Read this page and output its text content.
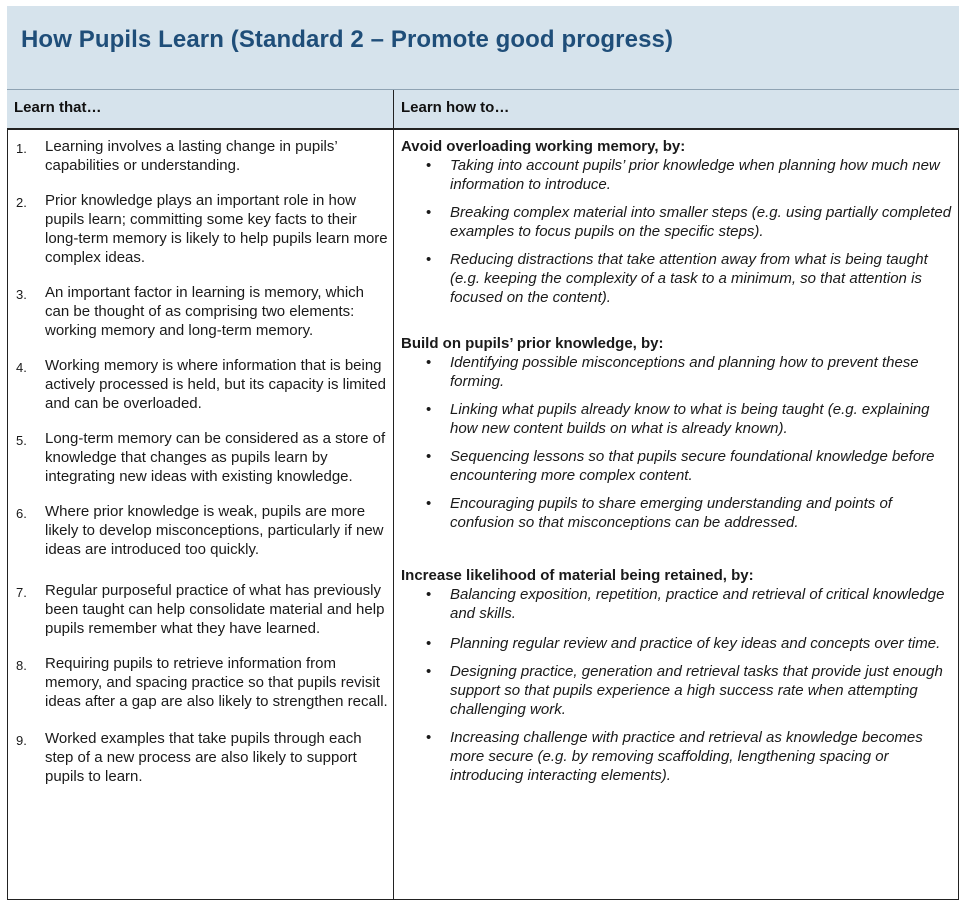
How Pupils Learn (Standard 2 – Promote good progress)
Learn that…	Learn how to…
1. Learning involves a lasting change in pupils’ capabilities or understanding.
2. Prior knowledge plays an important role in how pupils learn; committing some key facts to their long-term memory is likely to help pupils learn more complex ideas.
3. An important factor in learning is memory, which can be thought of as comprising two elements: working memory and long-term memory.
4. Working memory is where information that is being actively processed is held, but its capacity is limited and can be overloaded.
5. Long-term memory can be considered as a store of knowledge that changes as pupils learn by integrating new ideas with existing knowledge.
6. Where prior knowledge is weak, pupils are more likely to develop misconceptions, particularly if new ideas are introduced too quickly.
7. Regular purposeful practice of what has previously been taught can help consolidate material and help pupils remember what they have learned.
8. Requiring pupils to retrieve information from memory, and spacing practice so that pupils revisit ideas after a gap are also likely to strengthen recall.
9. Worked examples that take pupils through each step of a new process are also likely to support pupils to learn.

Avoid overloading working memory, by:

• Taking into account pupils’ prior knowledge when planning how much new information to introduce.
• Breaking complex material into smaller steps (e.g. using partially completed examples to focus pupils on the specific steps).
• Reducing distractions that take attention away from what is being taught (e.g. keeping the complexity of a task to a minimum, so that attention is focused on the content).

Build on pupils’ prior knowledge, by:

• Identifying possible misconceptions and planning how to prevent these forming.
• Linking what pupils already know to what is being taught (e.g. explaining how new content builds on what is already known).
• Sequencing lessons so that pupils secure foundational knowledge before encountering more complex content.
• Encouraging pupils to share emerging understanding and points of confusion so that misconceptions can be addressed.

Increase likelihood of material being retained, by:

• Balancing exposition, repetition, practice and retrieval of critical knowledge and skills.
• Planning regular review and practice of key ideas and concepts over time.
• Designing practice, generation and retrieval tasks that provide just enough support so that pupils experience a high success rate when attempting challenging work.
• Increasing challenge with practice and retrieval as knowledge becomes more secure (e.g. by removing scaffolding, lengthening spacing or introducing interacting elements).
